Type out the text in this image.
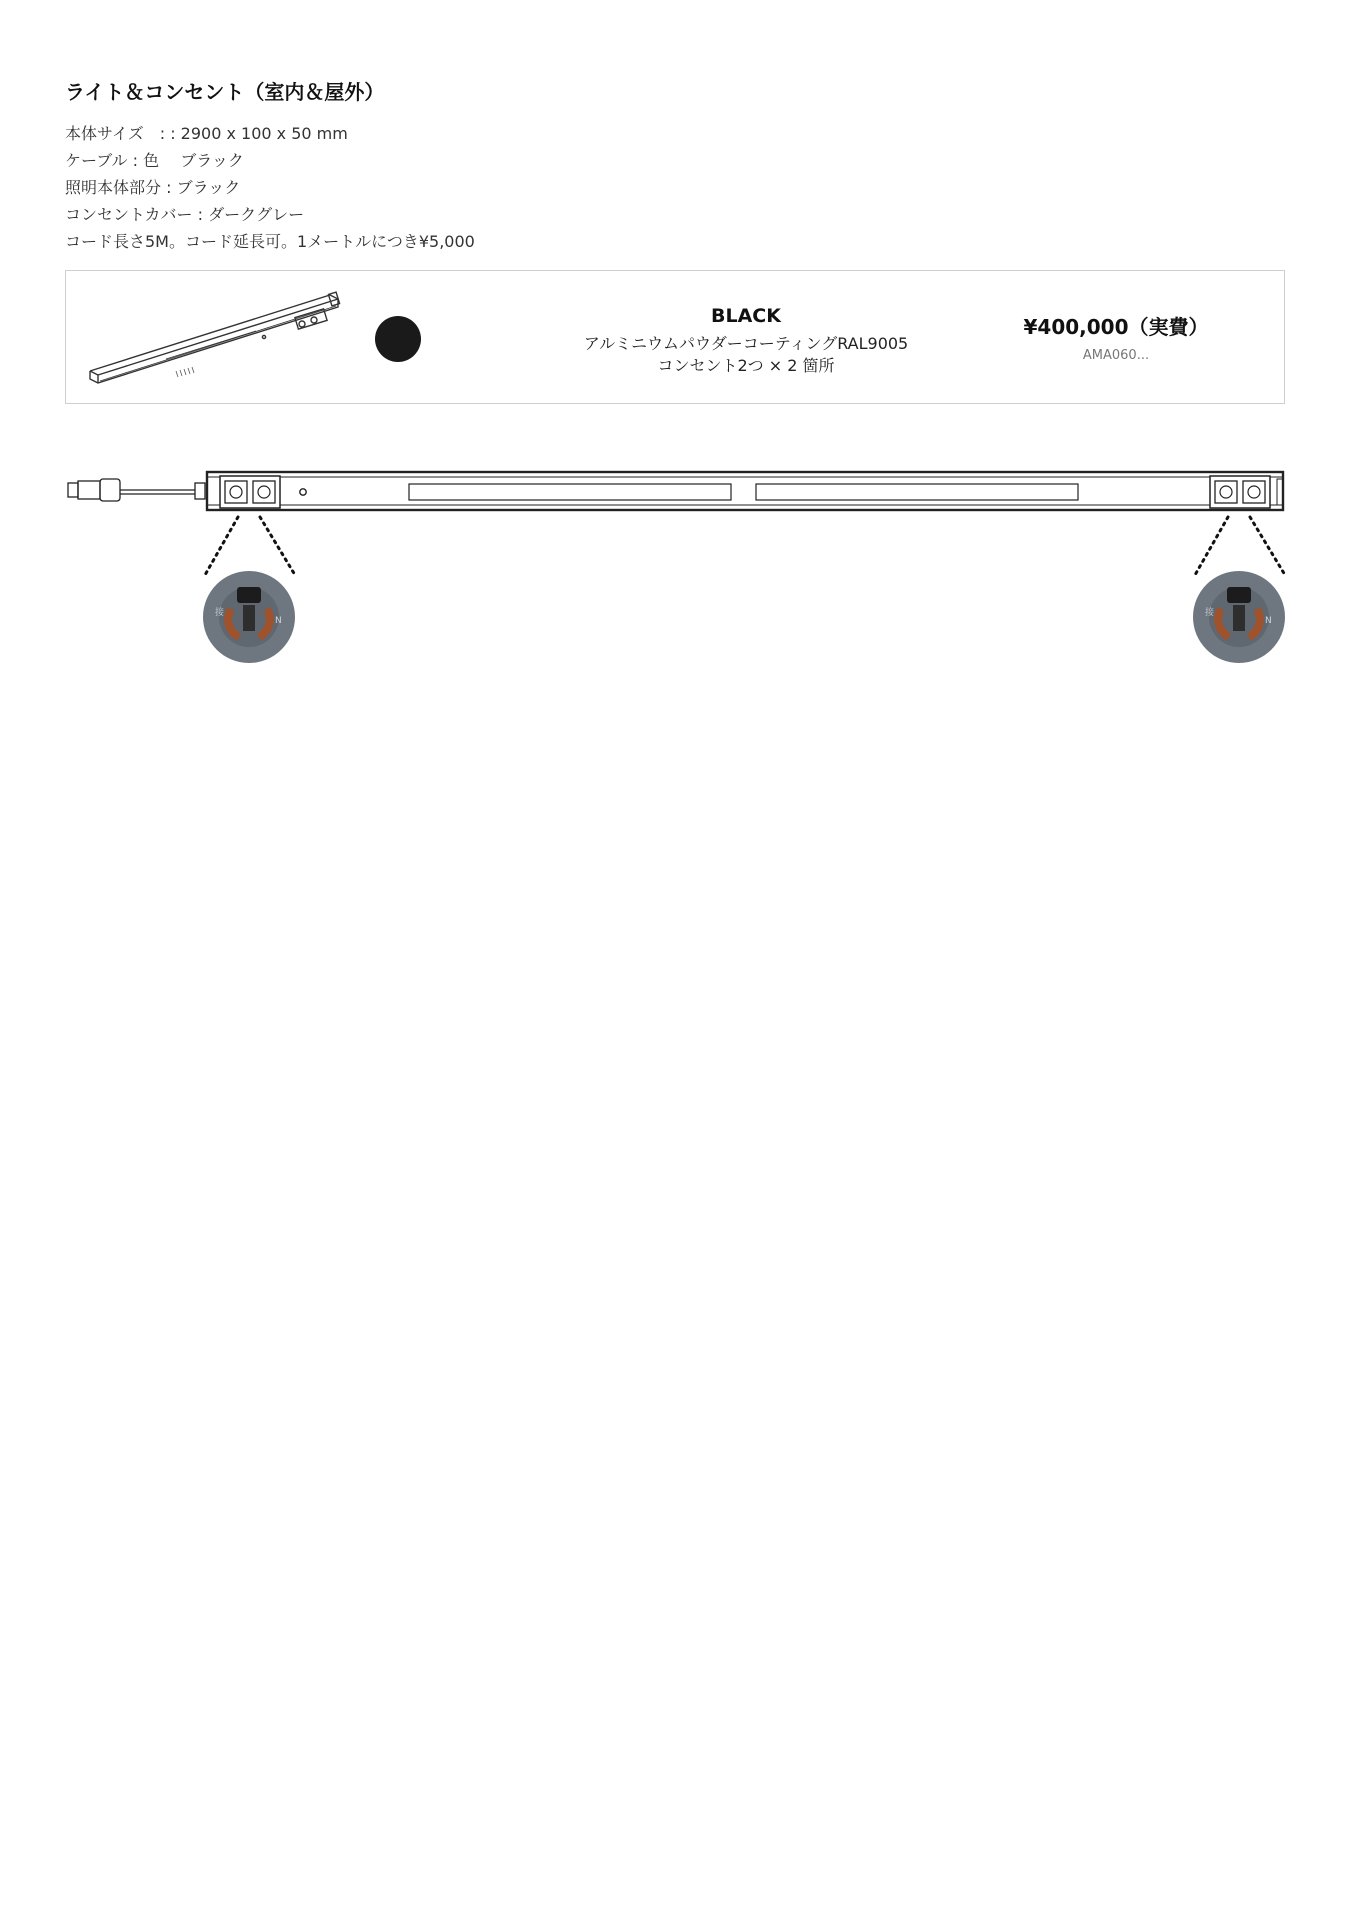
ライト＆コンセント（室内＆屋外）
本体サイズ　: : 2900 x 100 x 50 mm
ケーブル : 色　 ブラック
照明本体部分 : ブラック
コンセントカバー : ダークグレー
コード長さ5M。コード延長可。1メートルにつき¥5,000
BLACK
アルミニウムパウダーコーティングRAL9005
コンセント2つ × 2 箇所
¥400,000（実費）
AMA060...
接
N
